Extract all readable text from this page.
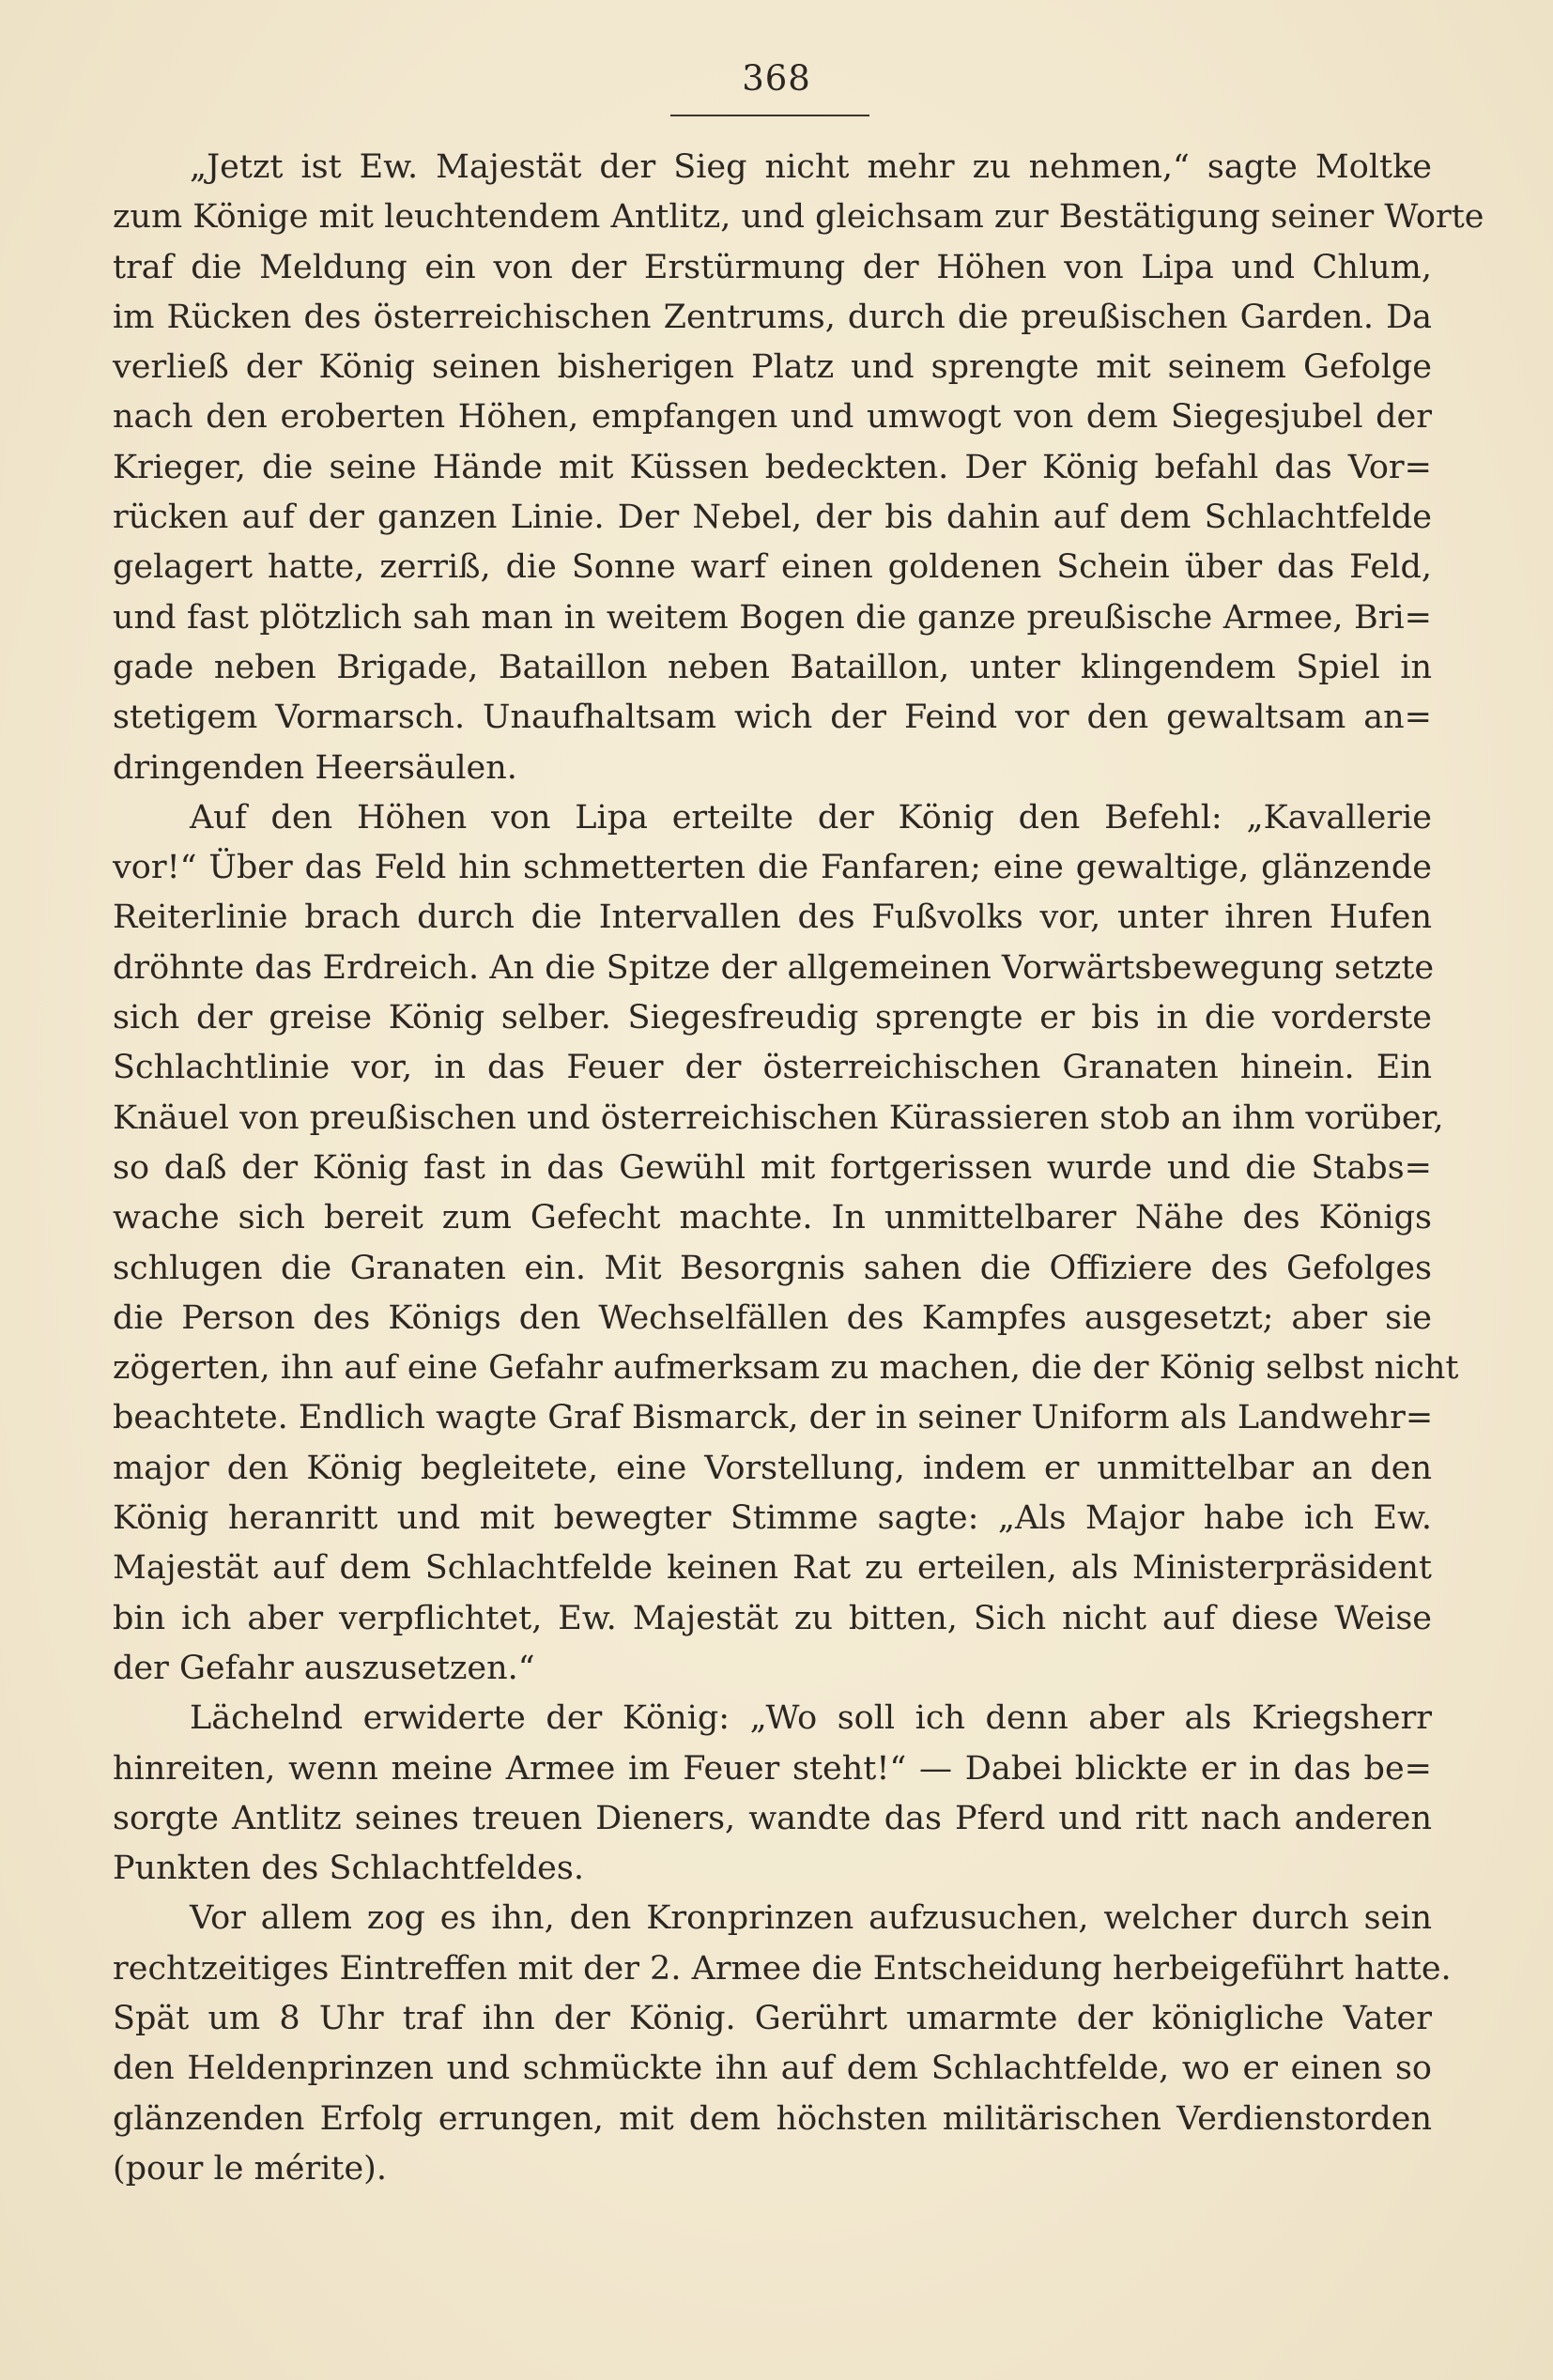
368

„Jetzt ist Ew. Majestät der Sieg nicht mehr zu nehmen,“ sagte Moltke
zum Könige mit leuchtendem Antlitz, und gleichsam zur Bestätigung seiner Worte
traf die Meldung ein von der Erstürmung der Höhen von Lipa und Chlum,
im Rücken des österreichischen Zentrums, durch die preußischen Garden. Da
verließ der König seinen bisherigen Platz und sprengte mit seinem Gefolge
nach den eroberten Höhen, empfangen und umwogt von dem Siegesjubel der
Krieger, die seine Hände mit Küssen bedeckten. Der König befahl das Vor=
rücken auf der ganzen Linie. Der Nebel, der bis dahin auf dem Schlachtfelde
gelagert hatte, zerriß, die Sonne warf einen goldenen Schein über das Feld,
und fast plötzlich sah man in weitem Bogen die ganze preußische Armee, Bri=
gade neben Brigade, Bataillon neben Bataillon, unter klingendem Spiel in
stetigem Vormarsch. Unaufhaltsam wich der Feind vor den gewaltsam an=
dringenden Heersäulen.

Auf den Höhen von Lipa erteilte der König den Befehl: „Kavallerie
vor!“ Über das Feld hin schmetterten die Fanfaren; eine gewaltige, glänzende
Reiterlinie brach durch die Intervallen des Fußvolks vor, unter ihren Hufen
dröhnte das Erdreich. An die Spitze der allgemeinen Vorwärtsbewegung setzte
sich der greise König selber. Siegesfreudig sprengte er bis in die vorderste
Schlachtlinie vor, in das Feuer der österreichischen Granaten hinein. Ein
Knäuel von preußischen und österreichischen Kürassieren stob an ihm vorüber,
so daß der König fast in das Gewühl mit fortgerissen wurde und die Stabs=
wache sich bereit zum Gefecht machte. In unmittelbarer Nähe des Königs
schlugen die Granaten ein. Mit Besorgnis sahen die Offiziere des Gefolges
die Person des Königs den Wechselfällen des Kampfes ausgesetzt; aber sie
zögerten, ihn auf eine Gefahr aufmerksam zu machen, die der König selbst nicht
beachtete. Endlich wagte Graf Bismarck, der in seiner Uniform als Landwehr=
major den König begleitete, eine Vorstellung, indem er unmittelbar an den
König heranritt und mit bewegter Stimme sagte: „Als Major habe ich Ew.
Majestät auf dem Schlachtfelde keinen Rat zu erteilen, als Ministerpräsident
bin ich aber verpflichtet, Ew. Majestät zu bitten, Sich nicht auf diese Weise
der Gefahr auszusetzen.“

Lächelnd erwiderte der König: „Wo soll ich denn aber als Kriegsherr
hinreiten, wenn meine Armee im Feuer steht!“ — Dabei blickte er in das be=
sorgte Antlitz seines treuen Dieners, wandte das Pferd und ritt nach anderen
Punkten des Schlachtfeldes.

Vor allem zog es ihn, den Kronprinzen aufzusuchen, welcher durch sein
rechtzeitiges Eintreffen mit der 2. Armee die Entscheidung herbeigeführt hatte.
Spät um 8 Uhr traf ihn der König. Gerührt umarmte der königliche Vater
den Heldenprinzen und schmückte ihn auf dem Schlachtfelde, wo er einen so
glänzenden Erfolg errungen, mit dem höchsten militärischen Verdienstorden
(pour le mérite).
